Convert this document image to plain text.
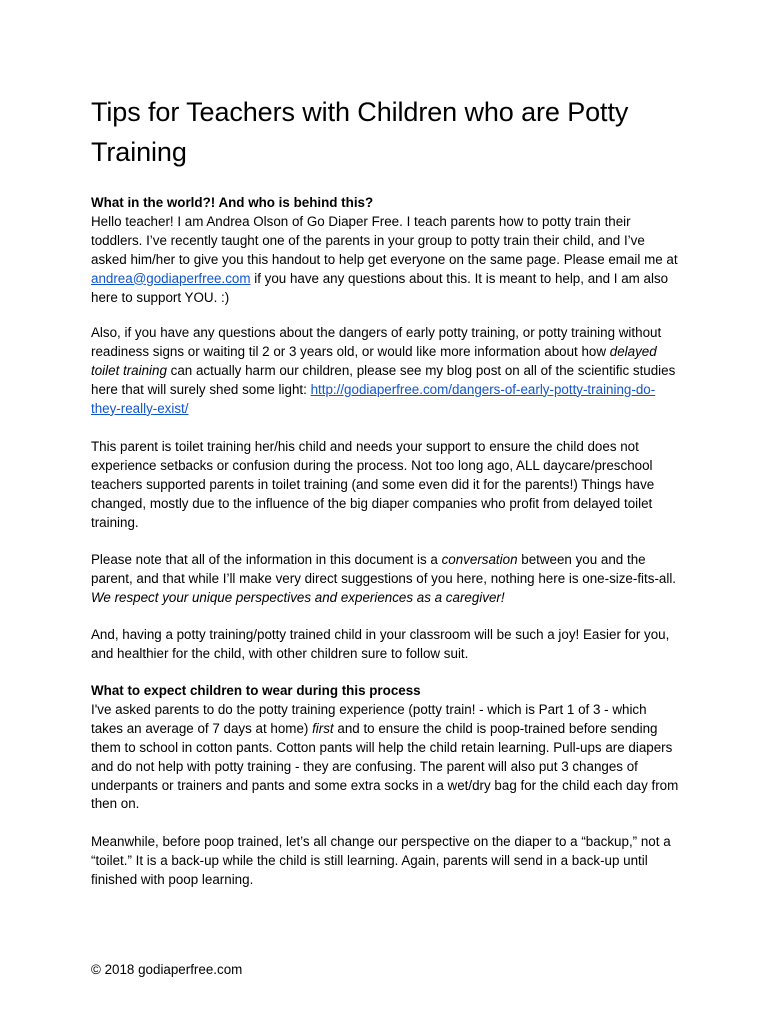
Tips for Teachers with Children who are Potty Training

What in the world?! And who is behind this?
Hello teacher! I am Andrea Olson of Go Diaper Free. I teach parents how to potty train their toddlers. I’ve recently taught one of the parents in your group to potty train their child, and I’ve asked him/her to give you this handout to help get everyone on the same page. Please email me at andrea@godiaperfree.com if you have any questions about this. It is meant to help, and I am also here to support YOU. :)

Also, if you have any questions about the dangers of early potty training, or potty training without readiness signs or waiting til 2 or 3 years old, or would like more information about how delayed toilet training can actually harm our children, please see my blog post on all of the scientific studies here that will surely shed some light: http://godiaperfree.com/dangers-of-early-potty-training-do-they-really-exist/

This parent is toilet training her/his child and needs your support to ensure the child does not experience setbacks or confusion during the process. Not too long ago, ALL daycare/preschool teachers supported parents in toilet training (and some even did it for the parents!) Things have changed, mostly due to the influence of the big diaper companies who profit from delayed toilet training.

Please note that all of the information in this document is a conversation between you and the parent, and that while I’ll make very direct suggestions of you here, nothing here is one-size-fits-all. We respect your unique perspectives and experiences as a caregiver!

And, having a potty training/potty trained child in your classroom will be such a joy! Easier for you, and healthier for the child, with other children sure to follow suit.

What to expect children to wear during this process
I've asked parents to do the potty training experience (potty train! - which is Part 1 of 3 - which takes an average of 7 days at home) first and to ensure the child is poop-trained before sending them to school in cotton pants. Cotton pants will help the child retain learning. Pull-ups are diapers and do not help with potty training - they are confusing. The parent will also put 3 changes of underpants or trainers and pants and some extra socks in a wet/dry bag for the child each day from then on.

Meanwhile, before poop trained, let’s all change our perspective on the diaper to a “backup,” not a “toilet.” It is a back-up while the child is still learning. Again, parents will send in a back-up until finished with poop learning.

© 2018 godiaperfree.com
